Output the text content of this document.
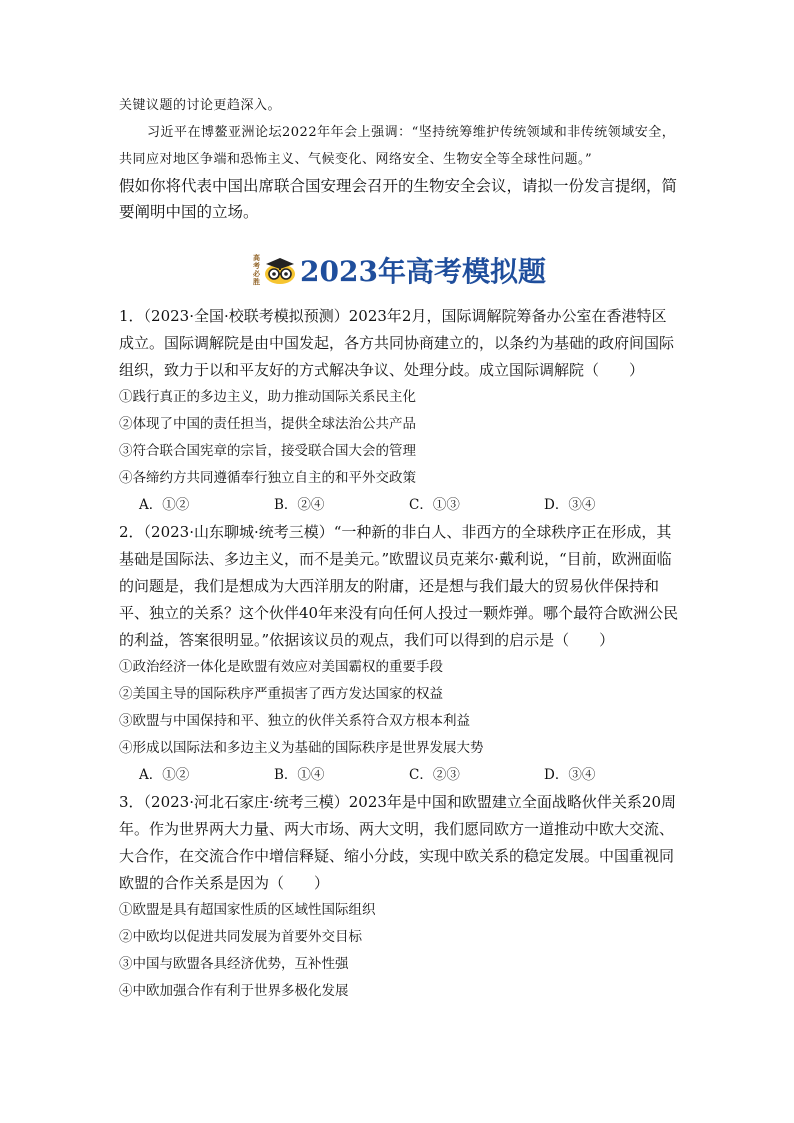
关键议题的讨论更趋深入。

习近平在博鳌亚洲论坛2022年年会上强调：“坚持统筹维护传统领域和非传统领域安全，共同应对地区争端和恐怖主义、气候变化、网络安全、生物安全等全球性问题。”

假如你将代表中国出席联合国安理会召开的生物安全会议，请拟一份发言提纲，简要阐明中国的立场。

高考必胜 2023年高考模拟题

1．（2023·全国·校联考模拟预测）2023年2月，国际调解院筹备办公室在香港特区成立。国际调解院是由中国发起，各方共同协商建立的，以条约为基础的政府间国际组织，致力于以和平友好的方式解决争议、处理分歧。成立国际调解院（　　）

①践行真正的多边主义，助力推动国际关系民主化

②体现了中国的责任担当，提供全球法治公共产品

③符合联合国宪章的宗旨，接受联合国大会的管理

④各缔约方共同遵循奉行独立自主的和平外交政策

A．①②	B．②④	C．①③	D．③④

2．（2023·山东聊城·统考三模）“一种新的非白人、非西方的全球秩序正在形成，其基础是国际法、多边主义，而不是美元。”欧盟议员克莱尔·戴利说，“目前，欧洲面临的问题是，我们是想成为大西洋朋友的附庸，还是想与我们最大的贸易伙伴保持和平、独立的关系？这个伙伴40年来没有向任何人投过一颗炸弹。哪个最符合欧洲公民的利益，答案很明显。”依据该议员的观点，我们可以得到的启示是（　　）

①政治经济一体化是欧盟有效应对美国霸权的重要手段

②美国主导的国际秩序严重损害了西方发达国家的权益

③欧盟与中国保持和平、独立的伙伴关系符合双方根本利益

④形成以国际法和多边主义为基础的国际秩序是世界发展大势

A．①②	B．①④	C．②③	D．③④

3．（2023·河北石家庄·统考三模）2023年是中国和欧盟建立全面战略伙伴关系20周年。作为世界两大力量、两大市场、两大文明，我们愿同欧方一道推动中欧大交流、大合作，在交流合作中增信释疑、缩小分歧，实现中欧关系的稳定发展。中国重视同欧盟的合作关系是因为（　　）

①欧盟是具有超国家性质的区域性国际组织

②中欧均以促进共同发展为首要外交目标

③中国与欧盟各具经济优势，互补性强

④中欧加强合作有利于世界多极化发展
